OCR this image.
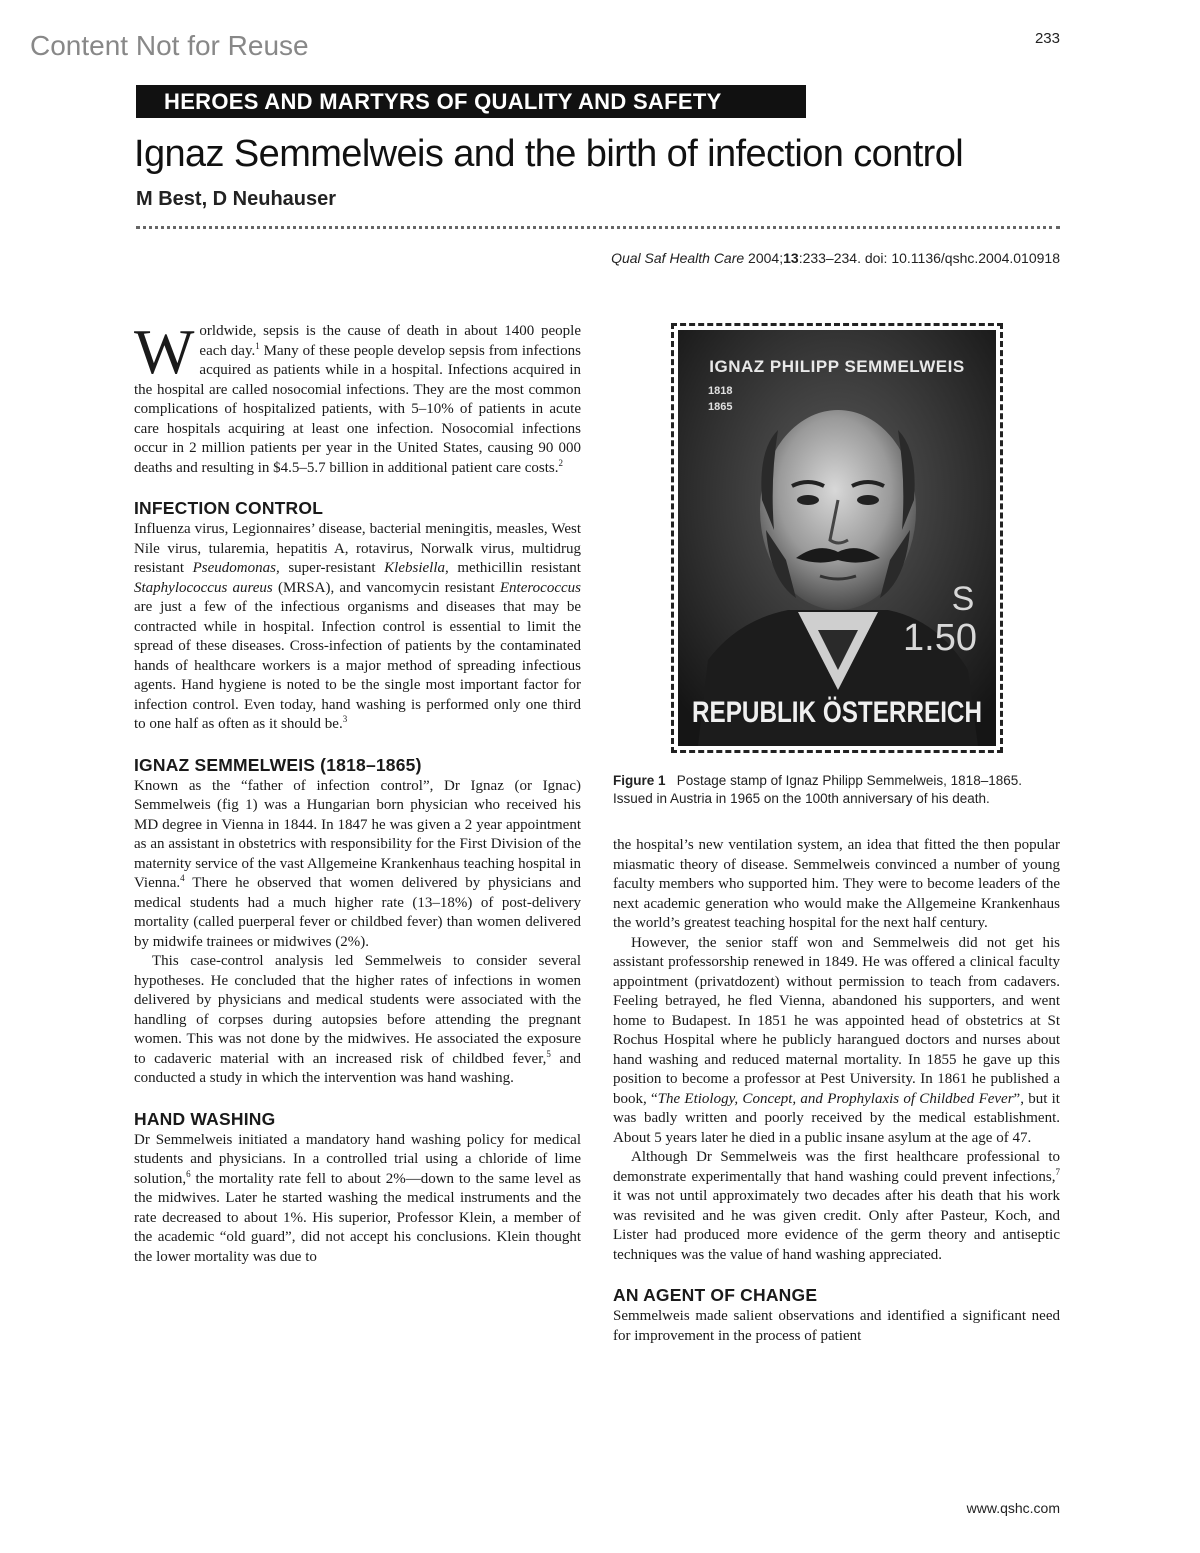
Content Not for Reuse	233
HEROES AND MARTYRS OF QUALITY AND SAFETY
Ignaz Semmelweis and the birth of infection control
M Best, D Neuhauser
Qual Saf Health Care 2004;13:233–234. doi: 10.1136/qshc.2004.010918

Worldwide, sepsis is the cause of death in about 1400 people each day.$^1$ Many of these people develop sepsis from infections acquired as patients while in a hospital. Infections acquired in the hospital are called nosocomial infections. They are the most common complications of hospitalized patients, with 5–10% of patients in acute care hospitals acquiring at least one infection. Nosocomial infections occur in 2 million patients per year in the United States, causing 90 000 deaths and resulting in $4.5–5.7 billion in additional patient care costs.$^2$

INFECTION CONTROL

Influenza virus, Legionnaires’ disease, bacterial meningitis, measles, West Nile virus, tularemia, hepatitis A, rotavirus, Norwalk virus, multidrug resistant Pseudomonas, super-resistant Klebsiella, methicillin resistant Staphylococcus aureus (MRSA), and vancomycin resistant Enterococcus are just a few of the infectious organisms and diseases that may be contracted while in hospital. Infection control is essential to limit the spread of these diseases. Cross-infection of patients by the contaminated hands of healthcare workers is a major method of spreading infectious agents. Hand hygiene is noted to be the single most important factor for infection control. Even today, hand washing is performed only one third to one half as often as it should be.$^3$

IGNAZ SEMMELWEIS (1818–1865)

Known as the “father of infection control”, Dr Ignaz (or Ignac) Semmelweis (fig 1) was a Hungarian born physician who received his MD degree in Vienna in 1844. In 1847 he was given a 2 year appointment as an assistant in obstetrics with responsibility for the First Division of the maternity service of the vast Allgemeine Krankenhaus teaching hospital in Vienna.$^4$ There he observed that women delivered by physicians and medical students had a much higher rate (13–18%) of post-delivery mortality (called puerperal fever or childbed fever) than women delivered by midwife trainees or midwives (2%).

This case-control analysis led Semmelweis to consider several hypotheses. He concluded that the higher rates of infections in women delivered by physicians and medical students were associated with the handling of corpses during autopsies before attending the pregnant women. This was not done by the midwives. He associated the exposure to cadaveric material with an increased risk of childbed fever,$^5$ and conducted a study in which the intervention was hand washing.

HAND WASHING

Dr Semmelweis initiated a mandatory hand washing policy for medical students and physicians. In a controlled trial using a chloride of lime solution,$^6$ the mortality rate fell to about 2%—down to the same level as the midwives. Later he started washing the medical instruments and the rate decreased to about 1%. His superior, Professor Klein, a member of the academic “old guard”, did not accept his conclusions. Klein thought the lower mortality was due to

IGNAZ PHILIPP SEMMELWEIS
1818
1865
S
1.50
REPUBLIK ÖSTERREICH
Figure 1 Postage stamp of Ignaz Philipp Semmelweis, 1818–1865. Issued in Austria in 1965 on the 100th anniversary of his death.

the hospital’s new ventilation system, an idea that fitted the then popular miasmatic theory of disease. Semmelweis convinced a number of young faculty members who supported him. They were to become leaders of the next academic generation who would make the Allgemeine Krankenhaus the world’s greatest teaching hospital for the next half century.

However, the senior staff won and Semmelweis did not get his assistant professorship renewed in 1849. He was offered a clinical faculty appointment (privatdozent) without permission to teach from cadavers. Feeling betrayed, he fled Vienna, abandoned his supporters, and went home to Budapest. In 1851 he was appointed head of obstetrics at St Rochus Hospital where he publicly harangued doctors and nurses about hand washing and reduced maternal mortality. In 1855 he gave up this position to become a professor at Pest University. In 1861 he published a book, “The Etiology, Concept, and Prophylaxis of Childbed Fever”, but it was badly written and poorly received by the medical establishment. About 5 years later he died in a public insane asylum at the age of 47.

Although Dr Semmelweis was the first healthcare professional to demonstrate experimentally that hand washing could prevent infections,$^7$ it was not until approximately two decades after his death that his work was revisited and he was given credit. Only after Pasteur, Koch, and Lister had produced more evidence of the germ theory and antiseptic techniques was the value of hand washing appreciated.

AN AGENT OF CHANGE

Semmelweis made salient observations and identified a significant need for improvement in the process of patient

www.qshc.com
